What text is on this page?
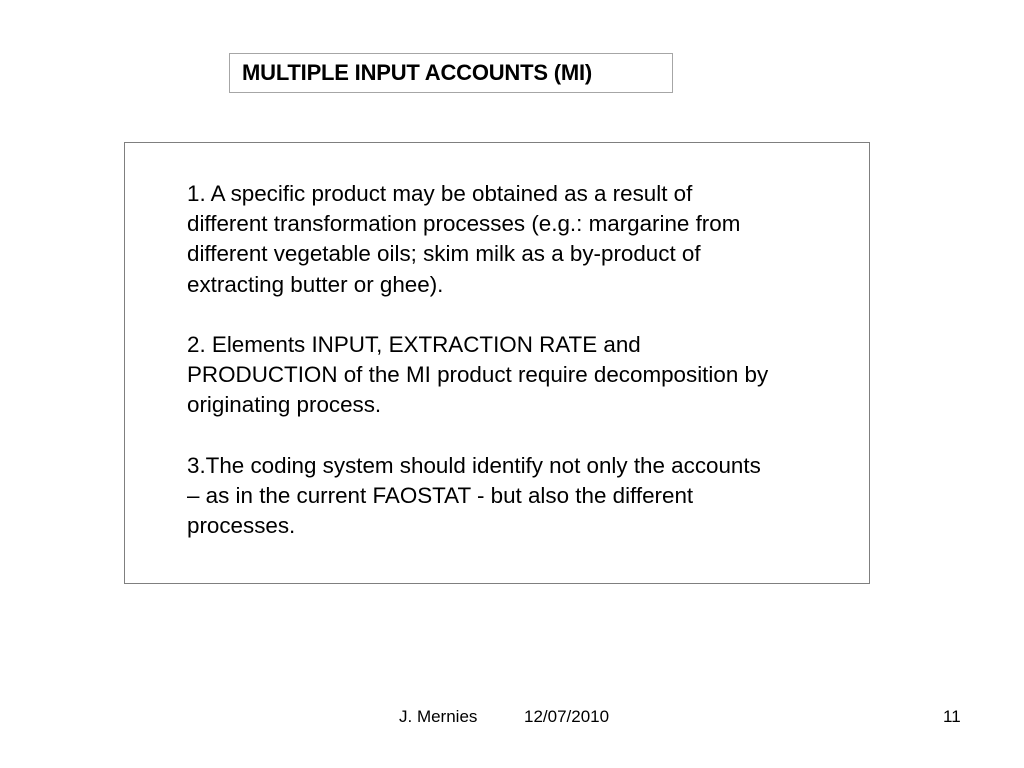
MULTIPLE INPUT ACCOUNTS (MI)

1. A specific product may be obtained as a result of
different transformation processes (e.g.: margarine from
different vegetable oils; skim milk as a by-product of
extracting butter or ghee).

2. Elements INPUT, EXTRACTION RATE and
PRODUCTION of the MI product require decomposition by
originating process.

3.The coding system should identify not only the accounts
– as in the current FAOSTAT - but also the different
processes.

J. Mernies	12/07/2010	11
